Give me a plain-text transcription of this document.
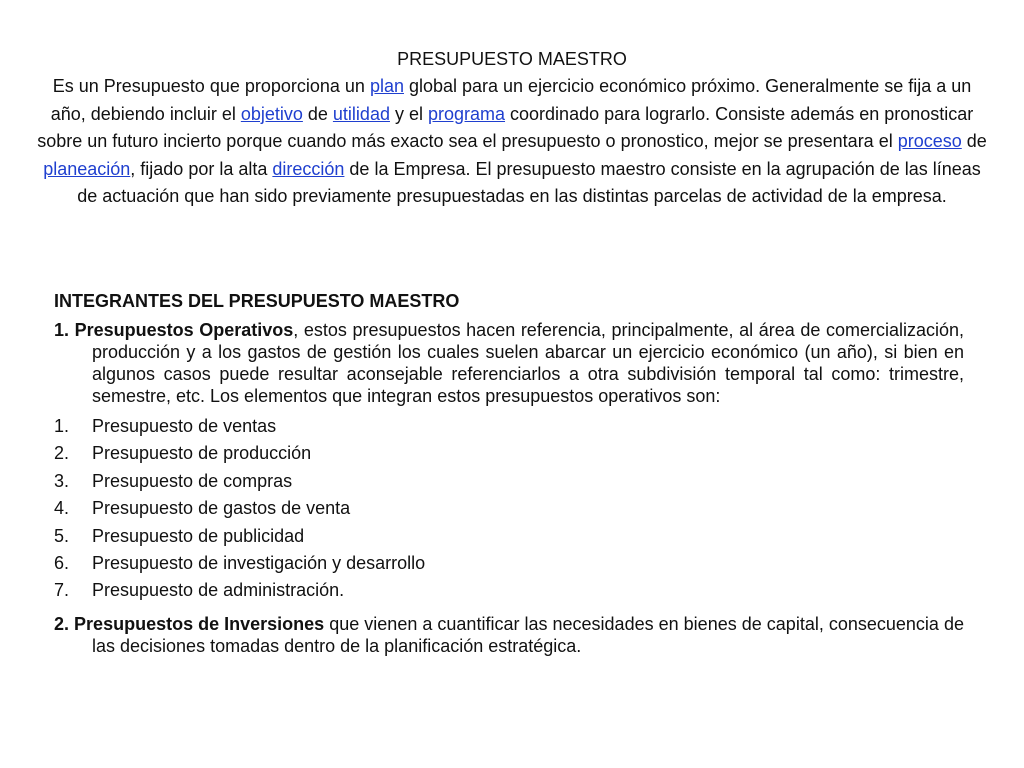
PRESUPUESTO MAESTRO
Es un Presupuesto que proporciona un plan global para un ejercicio económico próximo. Generalmente se fija a un año, debiendo incluir el objetivo de utilidad y el programa coordinado para lograrlo. Consiste además en pronosticar sobre un futuro incierto porque cuando más exacto sea el presupuesto o pronostico, mejor se presentara el proceso de planeación, fijado por la alta dirección de la Empresa. El presupuesto maestro consiste en la agrupación de las líneas de actuación que han sido previamente presupuestadas en las distintas parcelas de actividad de la empresa.
INTEGRANTES DEL PRESUPUESTO MAESTRO
1. Presupuestos Operativos, estos presupuestos hacen referencia, principalmente, al área de comercialización, producción y a los gastos de gestión los cuales suelen abarcar un ejercicio económico (un año), si bien en algunos casos puede resultar aconsejable referenciarlos a otra subdivisión temporal tal como: trimestre, semestre, etc. Los elementos que integran estos presupuestos operativos son:
1. Presupuesto de ventas
2. Presupuesto de producción
3. Presupuesto de compras
4. Presupuesto de gastos de venta
5. Presupuesto de publicidad
6. Presupuesto de investigación y desarrollo
7. Presupuesto de administración.
2. Presupuestos de Inversiones que vienen a cuantificar las necesidades en bienes de capital, consecuencia de las decisiones tomadas dentro de la planificación estratégica.
